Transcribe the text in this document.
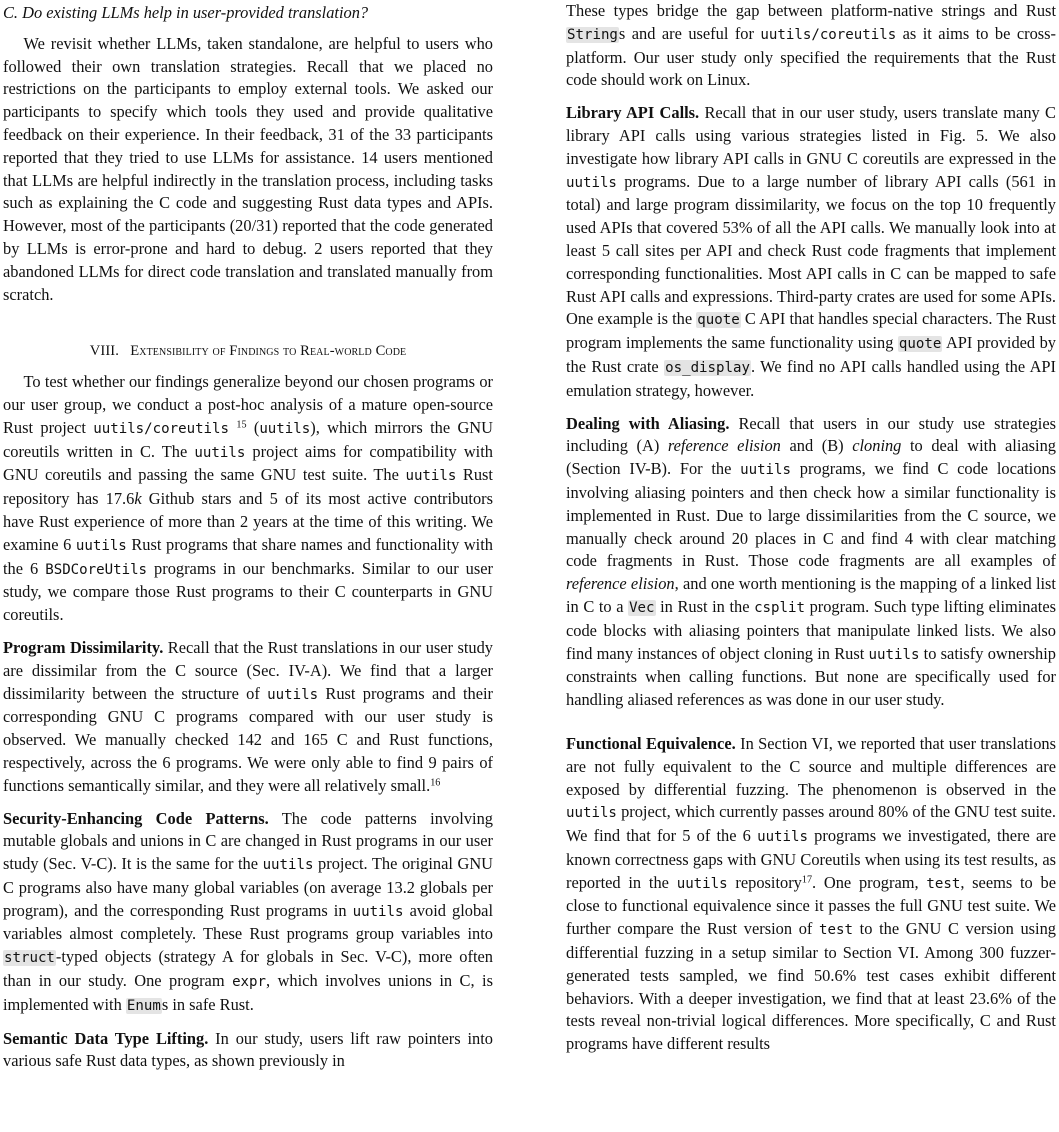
C. Do existing LLMs help in user-provided translation?

We revisit whether LLMs, taken standalone, are helpful to users who followed their own translation strategies. Recall that we placed no restrictions on the participants to employ external tools. We asked our participants to specify which tools they used and provide qualitative feedback on their experience. In their feedback, 31 of the 33 participants reported that they tried to use LLMs for assistance. 14 users mentioned that LLMs are helpful indirectly in the translation process, including tasks such as explaining the C code and suggesting Rust data types and APIs. However, most of the participants (20/31) reported that the code generated by LLMs is error-prone and hard to debug. 2 users reported that they abandoned LLMs for direct code translation and translated manually from scratch.

VIII. Extensibility of Findings to Real-world Code

To test whether our findings generalize beyond our chosen programs or our user group, we conduct a post-hoc analysis of a mature open-source Rust project uutils/coreutils $^{15}$ (uutils), which mirrors the GNU coreutils written in C. The uutils project aims for compatibility with GNU coreutils and passing the same GNU test suite. The uutils Rust repository has 17.6k Github stars and 5 of its most active contributors have Rust experience of more than 2 years at the time of this writing. We examine 6 uutils Rust programs that share names and functionality with the 6 BSDCoreUtils programs in our benchmarks. Similar to our user study, we compare those Rust programs to their C counterparts in GNU coreutils.

Program Dissimilarity. Recall that the Rust translations in our user study are dissimilar from the C source (Sec. IV-A). We find that a larger dissimilarity between the structure of uutils Rust programs and their corresponding GNU C programs compared with our user study is observed. We manually checked 142 and 165 C and Rust functions, respectively, across the 6 programs. We were only able to find 9 pairs of functions semantically similar, and they were all relatively small.$^{16}$

Security-Enhancing Code Patterns. The code patterns involving mutable globals and unions in C are changed in Rust programs in our user study (Sec. V-C). It is the same for the uutils project. The original GNU C programs also have many global variables (on average 13.2 globals per program), and the corresponding Rust programs in uutils avoid global variables almost completely. These Rust programs group variables into struct-typed objects (strategy A for globals in Sec. V-C), more often than in our study. One program expr, which involves unions in C, is implemented with Enums in safe Rust.

Semantic Data Type Lifting. In our study, users lift raw pointers into various safe Rust data types, as shown previously in

These types bridge the gap between platform-native strings and Rust Strings and are useful for uutils/coreutils as it aims to be cross-platform. Our user study only specified the requirements that the Rust code should work on Linux.

Library API Calls. Recall that in our user study, users translate many C library API calls using various strategies listed in Fig. 5. We also investigate how library API calls in GNU C coreutils are expressed in the uutils programs. Due to a large number of library API calls (561 in total) and large program dissimilarity, we focus on the top 10 frequently used APIs that covered 53% of all the API calls. We manually look into at least 5 call sites per API and check Rust code fragments that implement corresponding functionalities. Most API calls in C can be mapped to safe Rust API calls and expressions. Third-party crates are used for some APIs. One example is the quote C API that handles special characters. The Rust program implements the same functionality using quote API provided by the Rust crate os_display. We find no API calls handled using the API emulation strategy, however.

Dealing with Aliasing. Recall that users in our study use strategies including (A) reference elision and (B) cloning to deal with aliasing (Section IV-B). For the uutils programs, we find C code locations involving aliasing pointers and then check how a similar functionality is implemented in Rust. Due to large dissimilarities from the C source, we manually check around 20 places in C and find 4 with clear matching code fragments in Rust. Those code fragments are all examples of reference elision, and one worth mentioning is the mapping of a linked list in C to a Vec in Rust in the csplit program. Such type lifting eliminates code blocks with aliasing pointers that manipulate linked lists. We also find many instances of object cloning in Rust uutils to satisfy ownership constraints when calling functions. But none are specifically used for handling aliased references as was done in our user study.

Functional Equivalence. In Section VI, we reported that user translations are not fully equivalent to the C source and multiple differences are exposed by differential fuzzing. The phenomenon is observed in the uutils project, which currently passes around 80% of the GNU test suite. We find that for 5 of the 6 uutils programs we investigated, there are known correctness gaps with GNU Coreutils when using its test results, as reported in the uutils repository$^{17}$. One program, test, seems to be close to functional equivalence since it passes the full GNU test suite. We further compare the Rust version of test to the GNU C version using differential fuzzing in a setup similar to Section VI. Among 300 fuzzer-generated tests sampled, we find 50.6% test cases exhibit different behaviors. With a deeper investigation, we find that at least 23.6% of the tests reveal non-trivial logical differences. More specifically, C and Rust programs have different results
